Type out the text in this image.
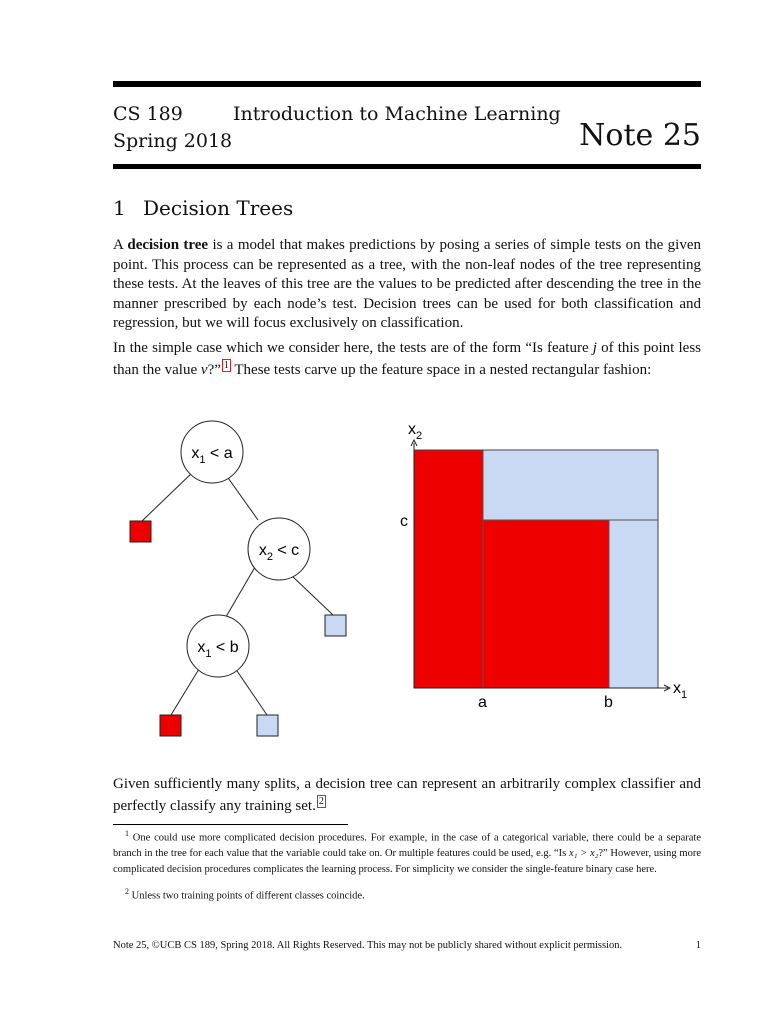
CS 189
Spring 2018
Introduction to Machine Learning
Note 25
1 Decision Trees
A decision tree is a model that makes predictions by posing a series of simple tests on the given point. This process can be represented as a tree, with the non-leaf nodes of the tree representing these tests. At the leaves of this tree are the values to be predicted after descending the tree in the manner prescribed by each node’s test. Decision trees can be used for both classification and regression, but we will focus exclusively on classification.
In the simple case which we consider here, the tests are of the form “Is feature j of this point less than the value v?” 1 These tests carve up the feature space in a nested rectangular fashion:
$x_1 < a$
$x_2 < c$
$x_1 < b$
$x_2$
$x_1$
c
a	b
Given sufficiently many splits, a decision tree can represent an arbitrarily complex classifier and perfectly classify any training set. 2
$^1$ One could use more complicated decision procedures. For example, in the case of a categorical variable, there could be a separate branch in the tree for each value that the variable could take on. Or multiple features could be used, e.g. “Is x₁ > x₂?” However, using more complicated decision procedures complicates the learning process. For simplicity we consider the single-feature binary case here.
$^2$ Unless two training points of different classes coincide.
Note 25, ©UCB CS 189, Spring 2018. All Rights Reserved. This may not be publicly shared without explicit permission.	1
